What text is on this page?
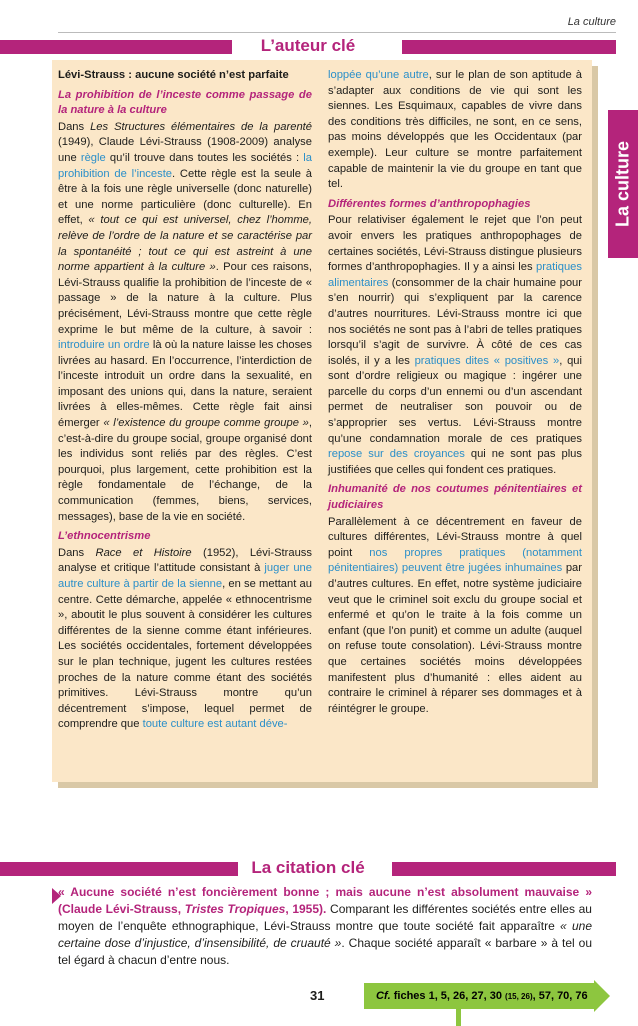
La culture
L’auteur clé
La culture

Lévi-Strauss : aucune société n’est parfaite

La prohibition de l’inceste comme passage de la nature à la culture

Dans Les Structures élémentaires de la parenté (1949), Claude Lévi-Strauss (1908-2009) analyse une règle qu’il trouve dans toutes les sociétés : la prohibition de l’inceste. Cette règle est la seule à être à la fois une règle universelle (donc naturelle) et une norme particulière (donc culturelle). En effet, « tout ce qui est universel, chez l’homme, relève de l’ordre de la nature et se caractérise par la spontanéité ; tout ce qui est astreint à une norme appartient à la culture ». Pour ces raisons, Lévi-Strauss qualifie la prohibition de l’inceste de « passage » de la nature à la culture. Plus précisément, Lévi-Strauss montre que cette règle exprime le but même de la culture, à savoir : introduire un ordre là où la nature laisse les choses livrées au hasard. En l’occurrence, l’interdiction de l’inceste introduit un ordre dans la sexualité, en imposant des unions qui, dans la nature, seraient livrées à elles-mêmes. Cette règle fait ainsi émerger « l’existence du groupe comme groupe », c’est-à-dire du groupe social, groupe organisé dont les individus sont reliés par des règles. C’est pourquoi, plus largement, cette prohibition est la règle fondamentale de l’échange, de la communication (femmes, biens, services, messages), base de la vie en société.

L’ethnocentrisme

Dans Race et Histoire (1952), Lévi-Strauss analyse et critique l’attitude consistant à juger une autre culture à partir de la sienne, en se mettant au centre. Cette démarche, appelée « ethnocentrisme », aboutit le plus souvent à considérer les cultures différentes de la sienne comme étant inférieures. Les sociétés occidentales, fortement développées sur le plan technique, jugent les cultures restées proches de la nature comme étant des sociétés primitives. Lévi-Strauss montre qu’un décentrement s’impose, lequel permet de comprendre que toute culture est autant déve-

loppée qu’une autre, sur le plan de son aptitude à s’adapter aux conditions de vie qui sont les siennes. Les Esquimaux, capables de vivre dans des conditions très difficiles, ne sont, en ce sens, pas moins développés que les Occidentaux (par exemple). Leur culture se montre parfaitement capable de maintenir la vie du groupe en tant que tel.

Différentes formes d’anthropophagies

Pour relativiser également le rejet que l’on peut avoir envers les pratiques anthropophages de certaines sociétés, Lévi-Strauss distingue plusieurs formes d’anthropophagies. Il y a ainsi les pratiques alimentaires (consommer de la chair humaine pour s’en nourrir) qui s’expliquent par la carence d’autres nourritures. Lévi-Strauss montre ici que nos sociétés ne sont pas à l’abri de telles pratiques lorsqu’il s’agit de survivre. À côté de ces cas isolés, il y a les pratiques dites « positives », qui sont d’ordre religieux ou magique : ingérer une parcelle du corps d’un ennemi ou d’un ascendant permet de neutraliser son pouvoir ou de s’approprier ses vertus. Lévi-Strauss montre qu’une condamnation morale de ces pratiques repose sur des croyances qui ne sont pas plus justifiées que celles qui fondent ces pratiques.

Inhumanité de nos coutumes pénitentiaires et judiciaires

Parallèlement à ce décentrement en faveur de cultures différentes, Lévi-Strauss montre à quel point nos propres pratiques (notamment pénitentiaires) peuvent être jugées inhumaines par d’autres cultures. En effet, notre système judiciaire veut que le criminel soit exclu du groupe social et enfermé et qu’on le traite à la fois comme un enfant (que l’on punit) et comme un adulte (auquel on refuse toute consolation). Lévi-Strauss montre que certaines sociétés moins développées manifestent plus d’humanité : elles aident au contraire le criminel à réparer ses dommages et à réintégrer le groupe.

La citation clé
« Aucune société n’est foncièrement bonne ; mais aucune n’est absolument mauvaise » (Claude Lévi-Strauss, Tristes Tropiques, 1955). Comparant les différentes sociétés entre elles au moyen de l’enquête ethnographique, Lévi-Strauss montre que toute société fait apparaître « une certaine dose d’injustice, d’insensibilité, de cruauté ». Chaque société apparaît « barbare » à tel ou tel égard à chacun d’entre nous.
31	Cf. fiches 1, 5, 26, 27, 30 (15, 26), 57, 70, 76
